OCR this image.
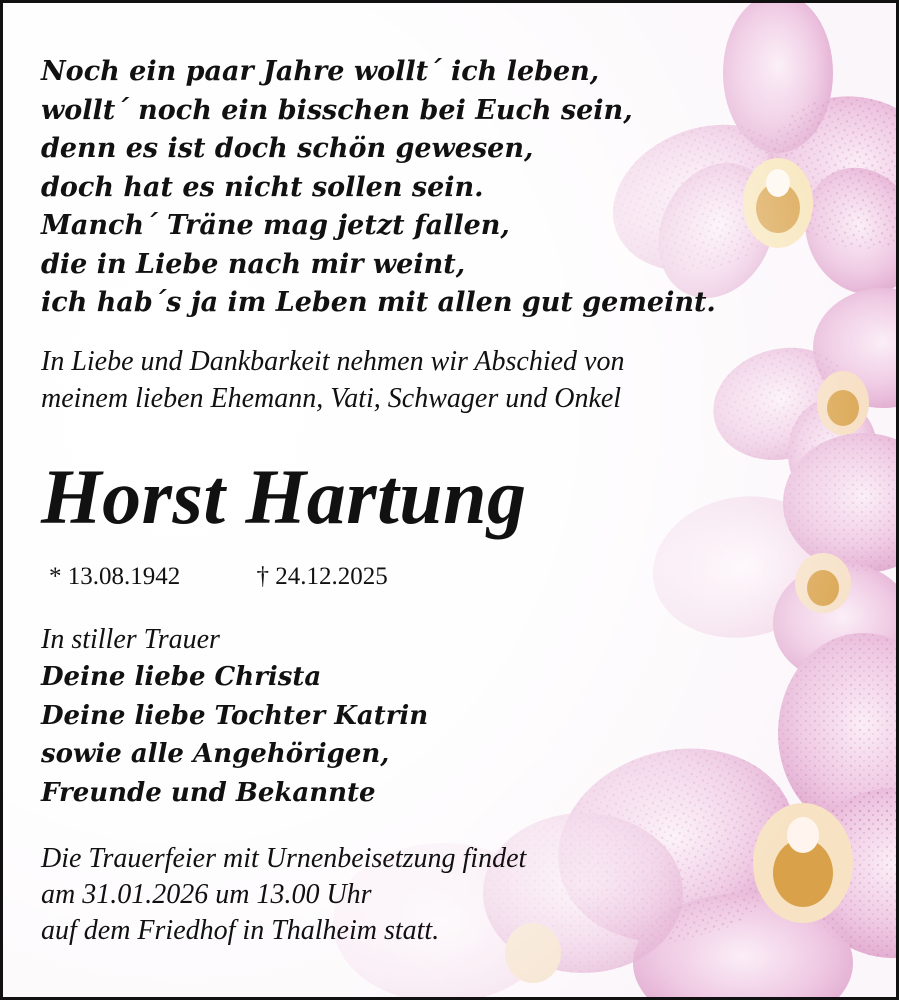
Noch ein paar Jahre wollt´ ich leben,
wollt´ noch ein bisschen bei Euch sein,
denn es ist doch schön gewesen,
doch hat es nicht sollen sein.
Manch´ Träne mag jetzt fallen,
die in Liebe nach mir weint,
ich hab´s ja im Leben mit allen gut gemeint.

In Liebe und Dankbarkeit nehmen wir Abschied von
meinem lieben Ehemann, Vati, Schwager und Onkel

Horst Hartung

* 13.08.1942	† 24.12.2025

In stiller Trauer

Deine liebe Christa
Deine liebe Tochter Katrin
sowie alle Angehörigen,
Freunde und Bekannte

Die Trauerfeier mit Urnenbeisetzung findet
am 31.01.2026 um 13.00 Uhr
auf dem Friedhof in Thalheim statt.
